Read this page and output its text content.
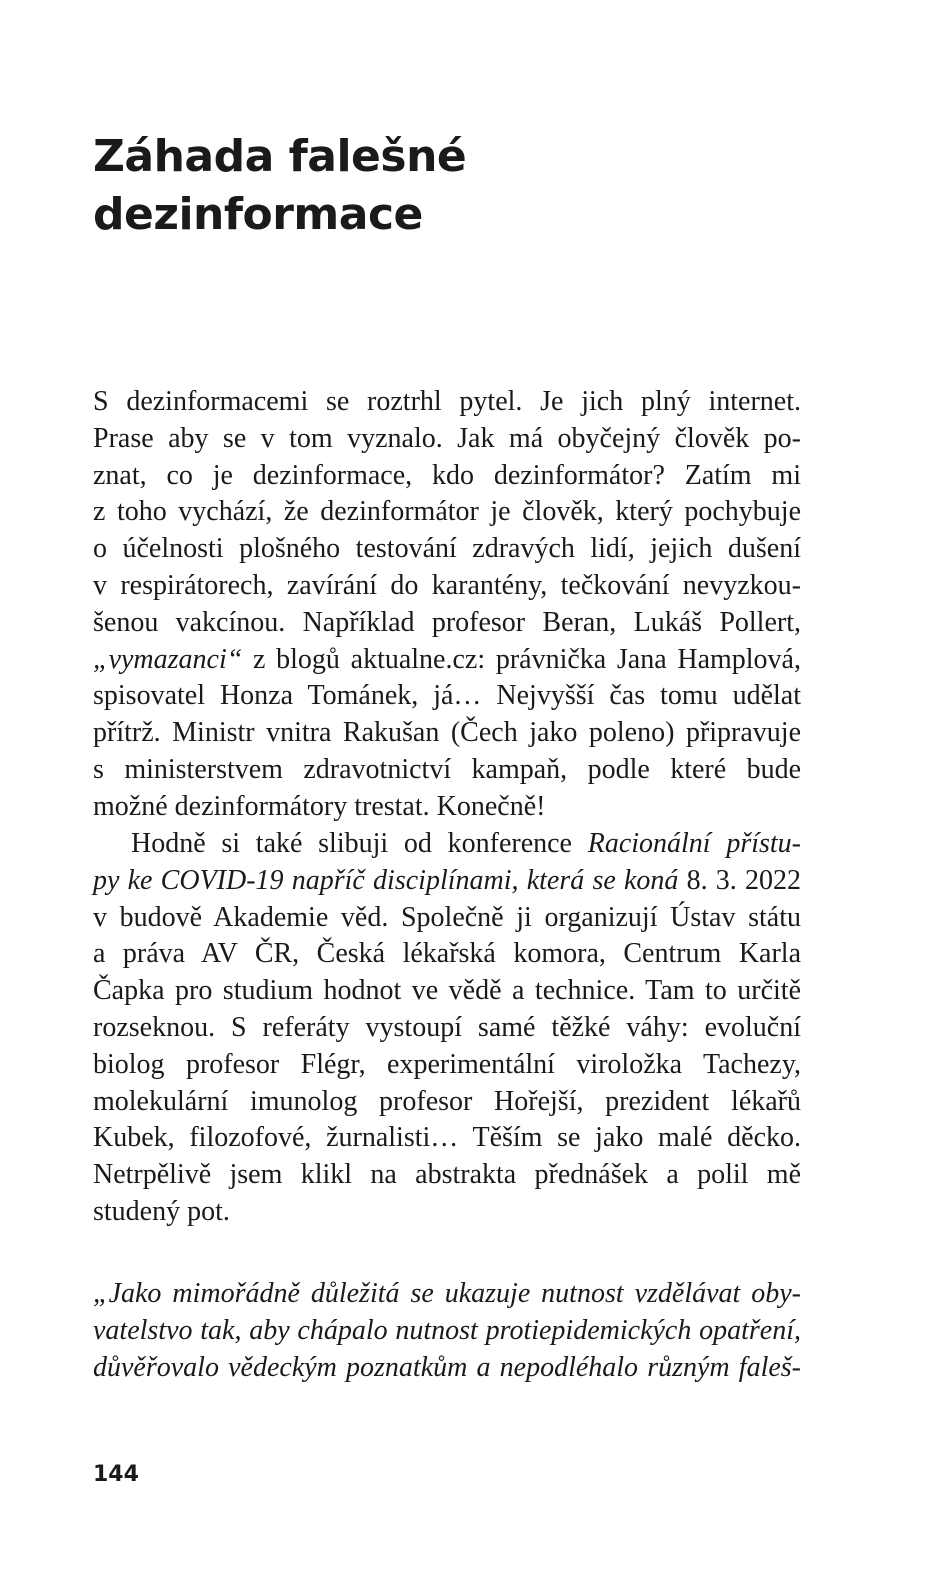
Záhada falešné
dezinformace
S dezinformacemi se roztrhl pytel. Je jich plný internet.
Prase aby se v tom vyznalo. Jak má obyčejný člověk po-
znat, co je dezinformace, kdo dezinformátor? Zatím mi
z toho vychází, že dezinformátor je člověk, který pochybuje
o účelnosti plošného testování zdravých lidí, jejich dušení
v respirátorech, zavírání do karantény, tečkování nevyzkou-
šenou vakcínou. Například profesor Beran, Lukáš Pollert,
„vymazanci“ z blogů aktualne.cz: právnička Jana Hamplová,
spisovatel Honza Tománek, já… Nejvyšší čas tomu udělat
přítrž. Ministr vnitra Rakušan (Čech jako poleno) připravuje
s ministerstvem zdravotnictví kampaň, podle které bude
možné dezinformátory trestat. Konečně!
Hodně si také slibuji od konference Racionální přístu-
py ke COVID-19 napříč disciplínami, která se koná 8. 3. 2022
v budově Akademie věd. Společně ji organizují Ústav státu
a práva AV ČR, Česká lékařská komora, Centrum Karla
Čapka pro studium hodnot ve vědě a technice. Tam to určitě
rozseknou. S referáty vystoupí samé těžké váhy: evoluční
biolog profesor Flégr, experimentální viroložka Tachezy,
molekulární imunolog profesor Hořejší, prezident lékařů
Kubek, filozofové, žurnalisti… Těším se jako malé děcko.
Netrpělivě jsem klikl na abstrakta přednášek a polil mě
studený pot.
„Jako mimořádně důležitá se ukazuje nutnost vzdělávat oby-
vatelstvo tak, aby chápalo nutnost protiepidemických opatření,
důvěřovalo vědeckým poznatkům a nepodléhalo různým faleš-
144
